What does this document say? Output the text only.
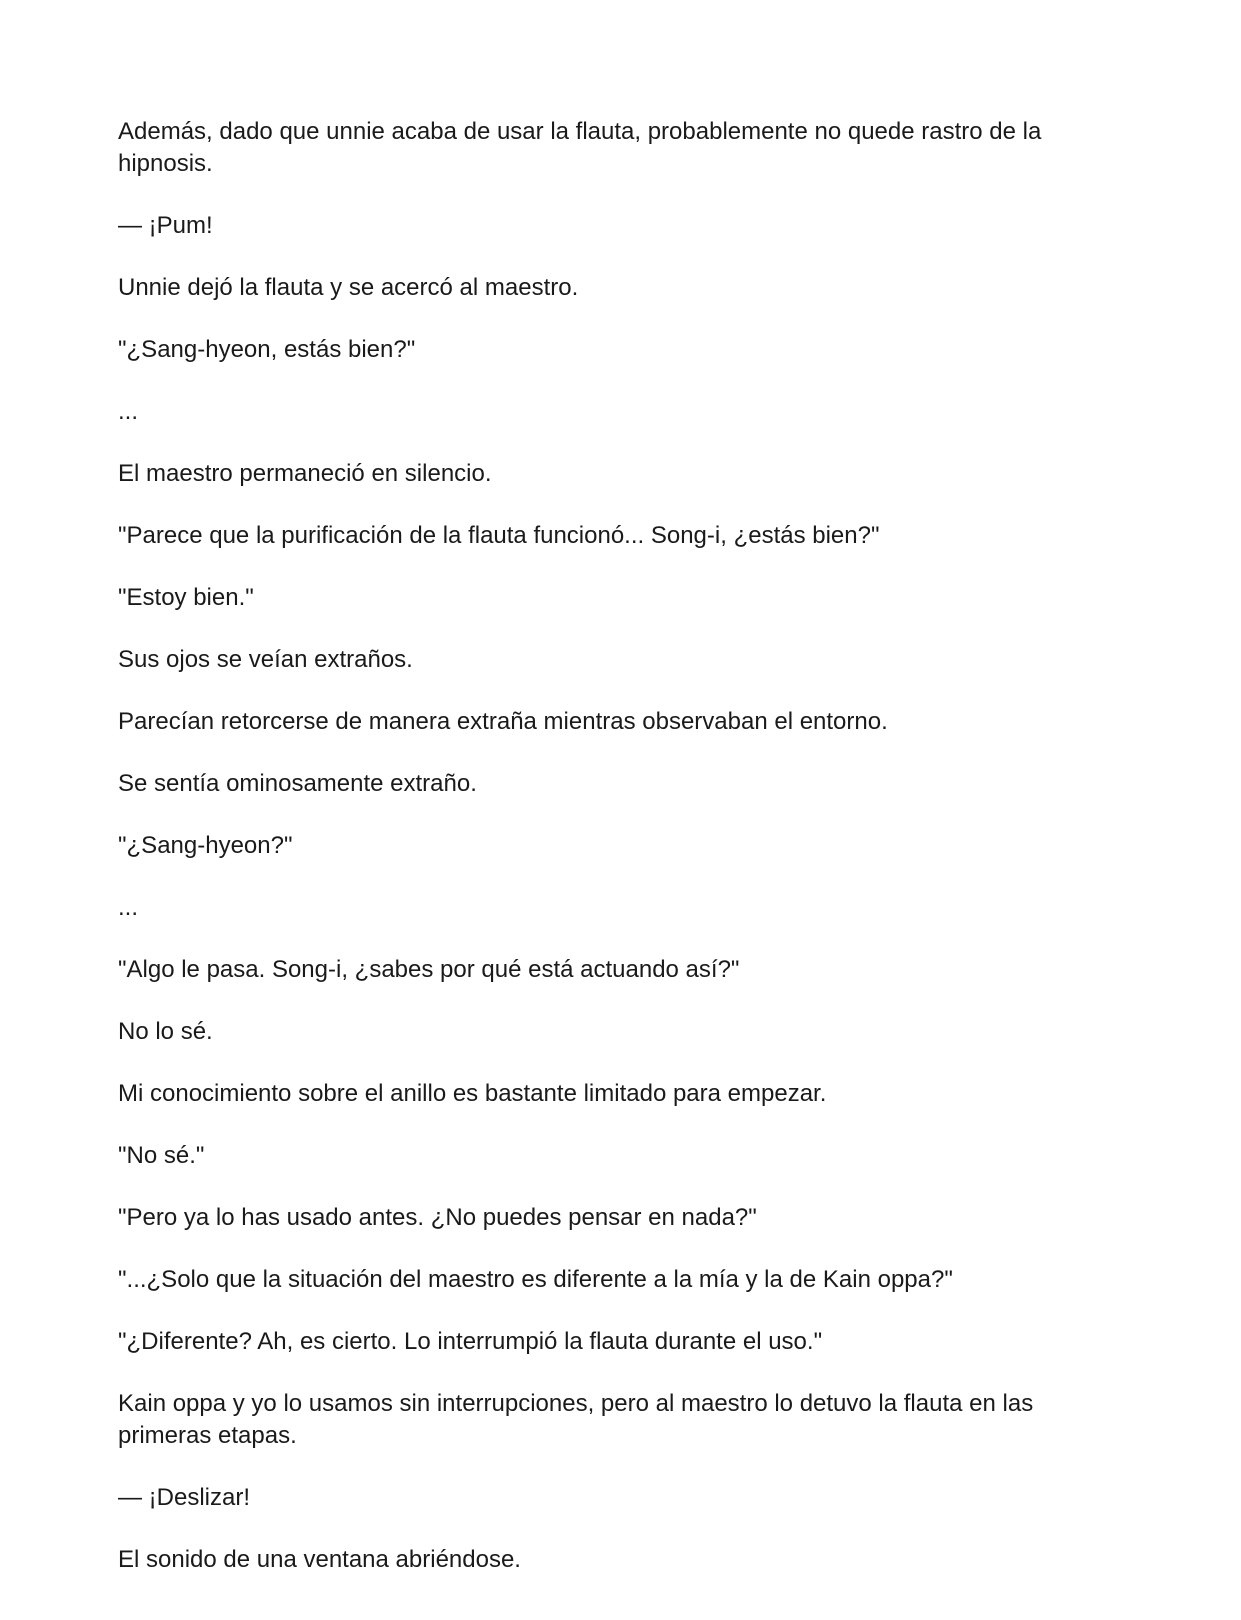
Además, dado que unnie acaba de usar la flauta, probablemente no quede rastro de la hipnosis.

— ¡Pum!

Unnie dejó la flauta y se acercó al maestro.

"¿Sang-hyeon, estás bien?"

...

El maestro permaneció en silencio.

"Parece que la purificación de la flauta funcionó... Song-i, ¿estás bien?"

"Estoy bien."

Sus ojos se veían extraños.

Parecían retorcerse de manera extraña mientras observaban el entorno.

Se sentía ominosamente extraño.

"¿Sang-hyeon?"

...

"Algo le pasa. Song-i, ¿sabes por qué está actuando así?"

No lo sé.

Mi conocimiento sobre el anillo es bastante limitado para empezar.

"No sé."

"Pero ya lo has usado antes. ¿No puedes pensar en nada?"

"...¿Solo que la situación del maestro es diferente a la mía y la de Kain oppa?"

"¿Diferente? Ah, es cierto. Lo interrumpió la flauta durante el uso."

Kain oppa y yo lo usamos sin interrupciones, pero al maestro lo detuvo la flauta en las primeras etapas.

— ¡Deslizar!

El sonido de una ventana abriéndose.
